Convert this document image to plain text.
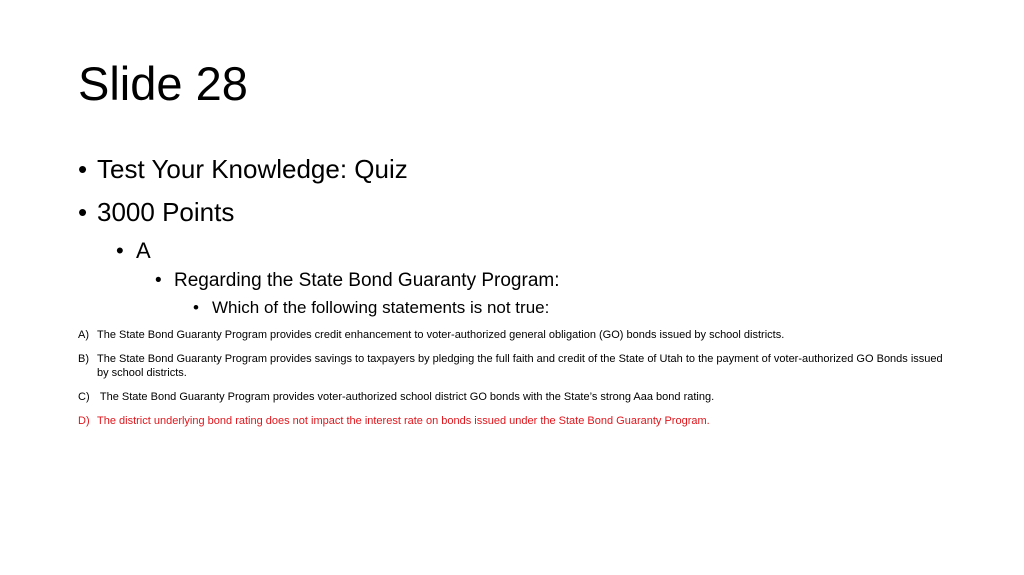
Slide 28
• Test Your Knowledge: Quiz
• 3000 Points
• A
• Regarding the State Bond Guaranty Program:
• Which of the following statements is not true:
A) The State Bond Guaranty Program provides credit enhancement to voter-authorized general obligation (GO) bonds issued by school districts.
B) The State Bond Guaranty Program provides savings to taxpayers by pledging the full faith and credit of the State of Utah to the payment of voter-authorized GO Bonds issued by school districts.
C) The State Bond Guaranty Program provides voter-authorized school district GO bonds with the State’s strong Aaa bond rating.
D) The district underlying bond rating does not impact the interest rate on bonds issued under the State Bond Guaranty Program.
